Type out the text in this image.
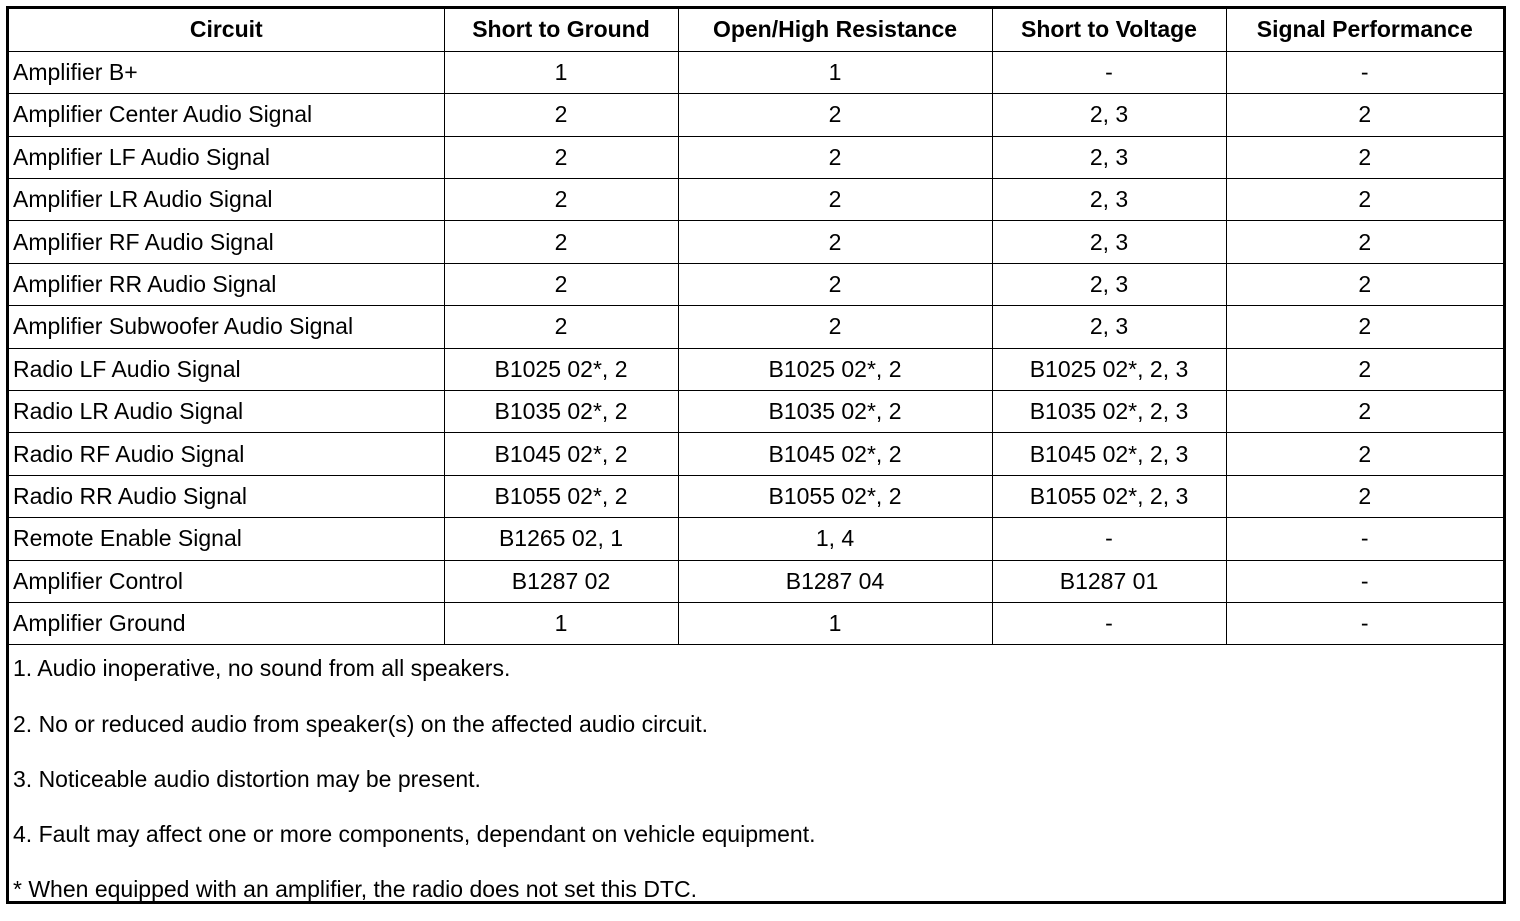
Circuit	Short to Ground	Open/High Resistance	Short to Voltage	Signal Performance
Amplifier B+	1	1	-	-
Amplifier Center Audio Signal	2	2	2, 3	2
Amplifier LF Audio Signal	2	2	2, 3	2
Amplifier LR Audio Signal	2	2	2, 3	2
Amplifier RF Audio Signal	2	2	2, 3	2
Amplifier RR Audio Signal	2	2	2, 3	2
Amplifier Subwoofer Audio Signal	2	2	2, 3	2
Radio LF Audio Signal	B1025 02*, 2	B1025 02*, 2	B1025 02*, 2, 3	2
Radio LR Audio Signal	B1035 02*, 2	B1035 02*, 2	B1035 02*, 2, 3	2
Radio RF Audio Signal	B1045 02*, 2	B1045 02*, 2	B1045 02*, 2, 3	2
Radio RR Audio Signal	B1055 02*, 2	B1055 02*, 2	B1055 02*, 2, 3	2
Remote Enable Signal	B1265 02, 1	1, 4	-	-
Amplifier Control	B1287 02	B1287 04	B1287 01	-
Amplifier Ground	1	1	-	-
1. Audio inoperative, no sound from all speakers.
2. No or reduced audio from speaker(s) on the affected audio circuit.
3. Noticeable audio distortion may be present.
4. Fault may affect one or more components, dependant on vehicle equipment.
* When equipped with an amplifier, the radio does not set this DTC.
